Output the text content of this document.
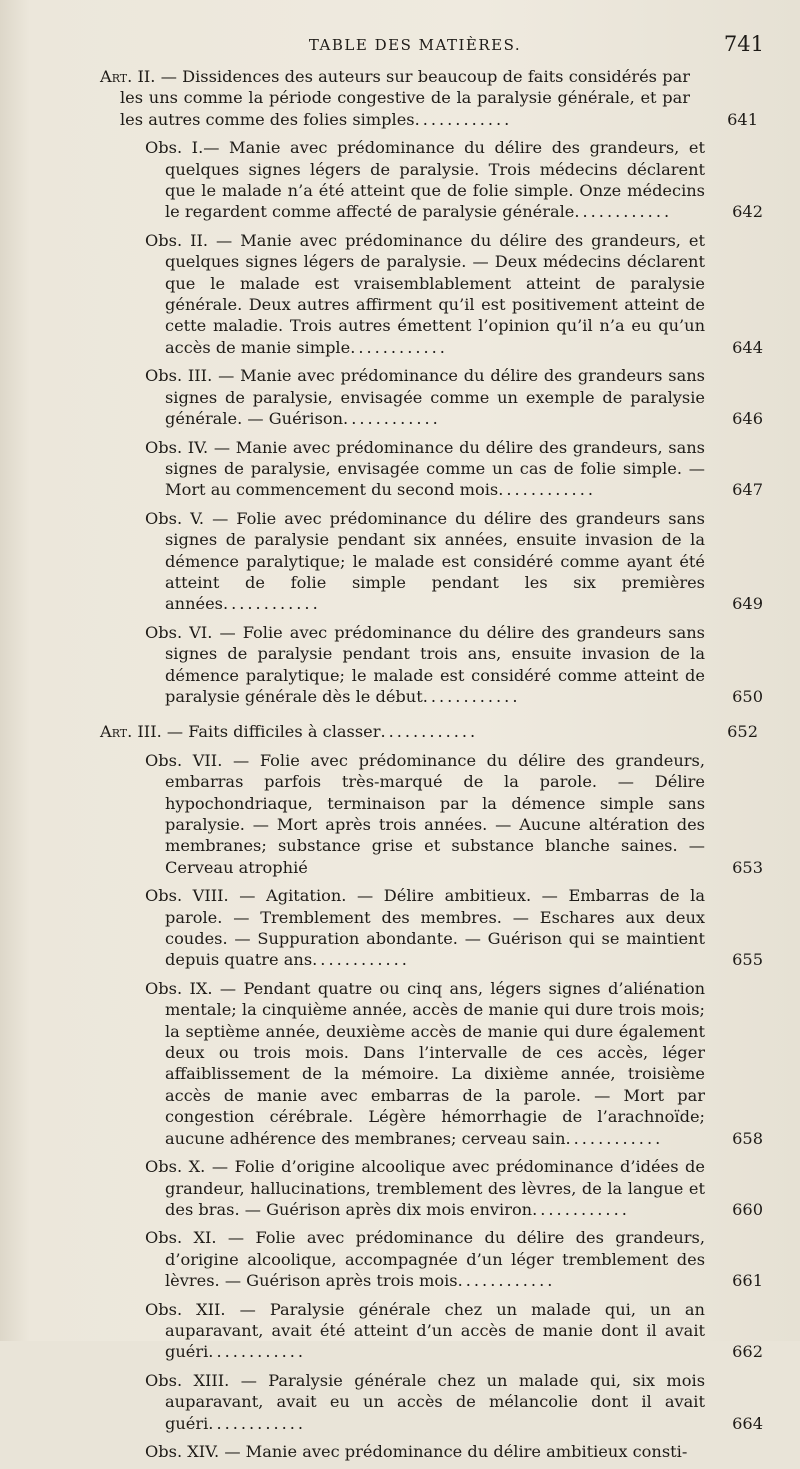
TABLE DES MATIÈRES.	741

Art. II. — Dissidences des auteurs sur beaucoup de faits considérés par les uns comme la période congestive de la paralysie générale, et par les autres comme des folies simples............	641

Obs. I.— Manie avec prédominance du délire des grandeurs, et quelques signes légers de paralysie. Trois médecins déclarent que le malade n’a été atteint que de folie simple. Onze médecins le regardent comme affecté de paralysie générale............	642

Obs. II. — Manie avec prédominance du délire des grandeurs, et quelques signes légers de paralysie. — Deux médecins déclarent que le malade est vraisemblablement atteint de paralysie générale. Deux autres affirment qu’il est positivement atteint de cette maladie. Trois autres émettent l’opinion qu’il n’a eu qu’un accès de manie simple............	644

Obs. III. — Manie avec prédominance du délire des grandeurs sans signes de paralysie, envisagée comme un exemple de paralysie générale. — Guérison............	646

Obs. IV. — Manie avec prédominance du délire des grandeurs, sans signes de paralysie, envisagée comme un cas de folie simple. — Mort au commencement du second mois............	647

Obs. V. — Folie avec prédominance du délire des grandeurs sans signes de paralysie pendant six années, ensuite invasion de la démence paralytique; le malade est considéré comme ayant été atteint de folie simple pendant les six premières années............	649

Obs. VI. — Folie avec prédominance du délire des grandeurs sans signes de paralysie pendant trois ans, ensuite invasion de la démence paralytique; le malade est considéré comme atteint de paralysie générale dès le début............	650

Art. III. — Faits difficiles à classer............	652

Obs. VII. — Folie avec prédominance du délire des grandeurs, embarras parfois très-marqué de la parole. — Délire hypochondriaque, terminaison par la démence simple sans paralysie. — Mort après trois années. — Aucune altération des membranes; substance grise et substance blanche saines. — Cerveau atrophié	653

Obs. VIII. — Agitation. — Délire ambitieux. — Embarras de la parole. — Tremblement des membres. — Eschares aux deux coudes. — Suppuration abondante. — Guérison qui se maintient depuis quatre ans............	655

Obs. IX. — Pendant quatre ou cinq ans, légers signes d’aliénation mentale; la cinquième année, accès de manie qui dure trois mois; la septième année, deuxième accès de manie qui dure également deux ou trois mois. Dans l’intervalle de ces accès, léger affaiblissement de la mémoire. La dixième année, troisième accès de manie avec embarras de la parole. — Mort par congestion cérébrale. Légère hémorrhagie de l’arachnoïde; aucune adhérence des membranes; cerveau sain............	658

Obs. X. — Folie d’origine alcoolique avec prédominance d’idées de grandeur, hallucinations, tremblement des lèvres, de la langue et des bras. — Guérison après dix mois environ............	660

Obs. XI. — Folie avec prédominance du délire des grandeurs, d’origine alcoolique, accompagnée d’un léger tremblement des lèvres. — Guérison après trois mois............	661

Obs. XII. — Paralysie générale chez un malade qui, un an auparavant, avait été atteint d’un accès de manie dont il avait guéri............	662

Obs. XIII. — Paralysie générale chez un malade qui, six mois auparavant, avait eu un accès de mélancolie dont il avait guéri............	664

Obs. XIV. — Manie avec prédominance du délire ambitieux consti-
